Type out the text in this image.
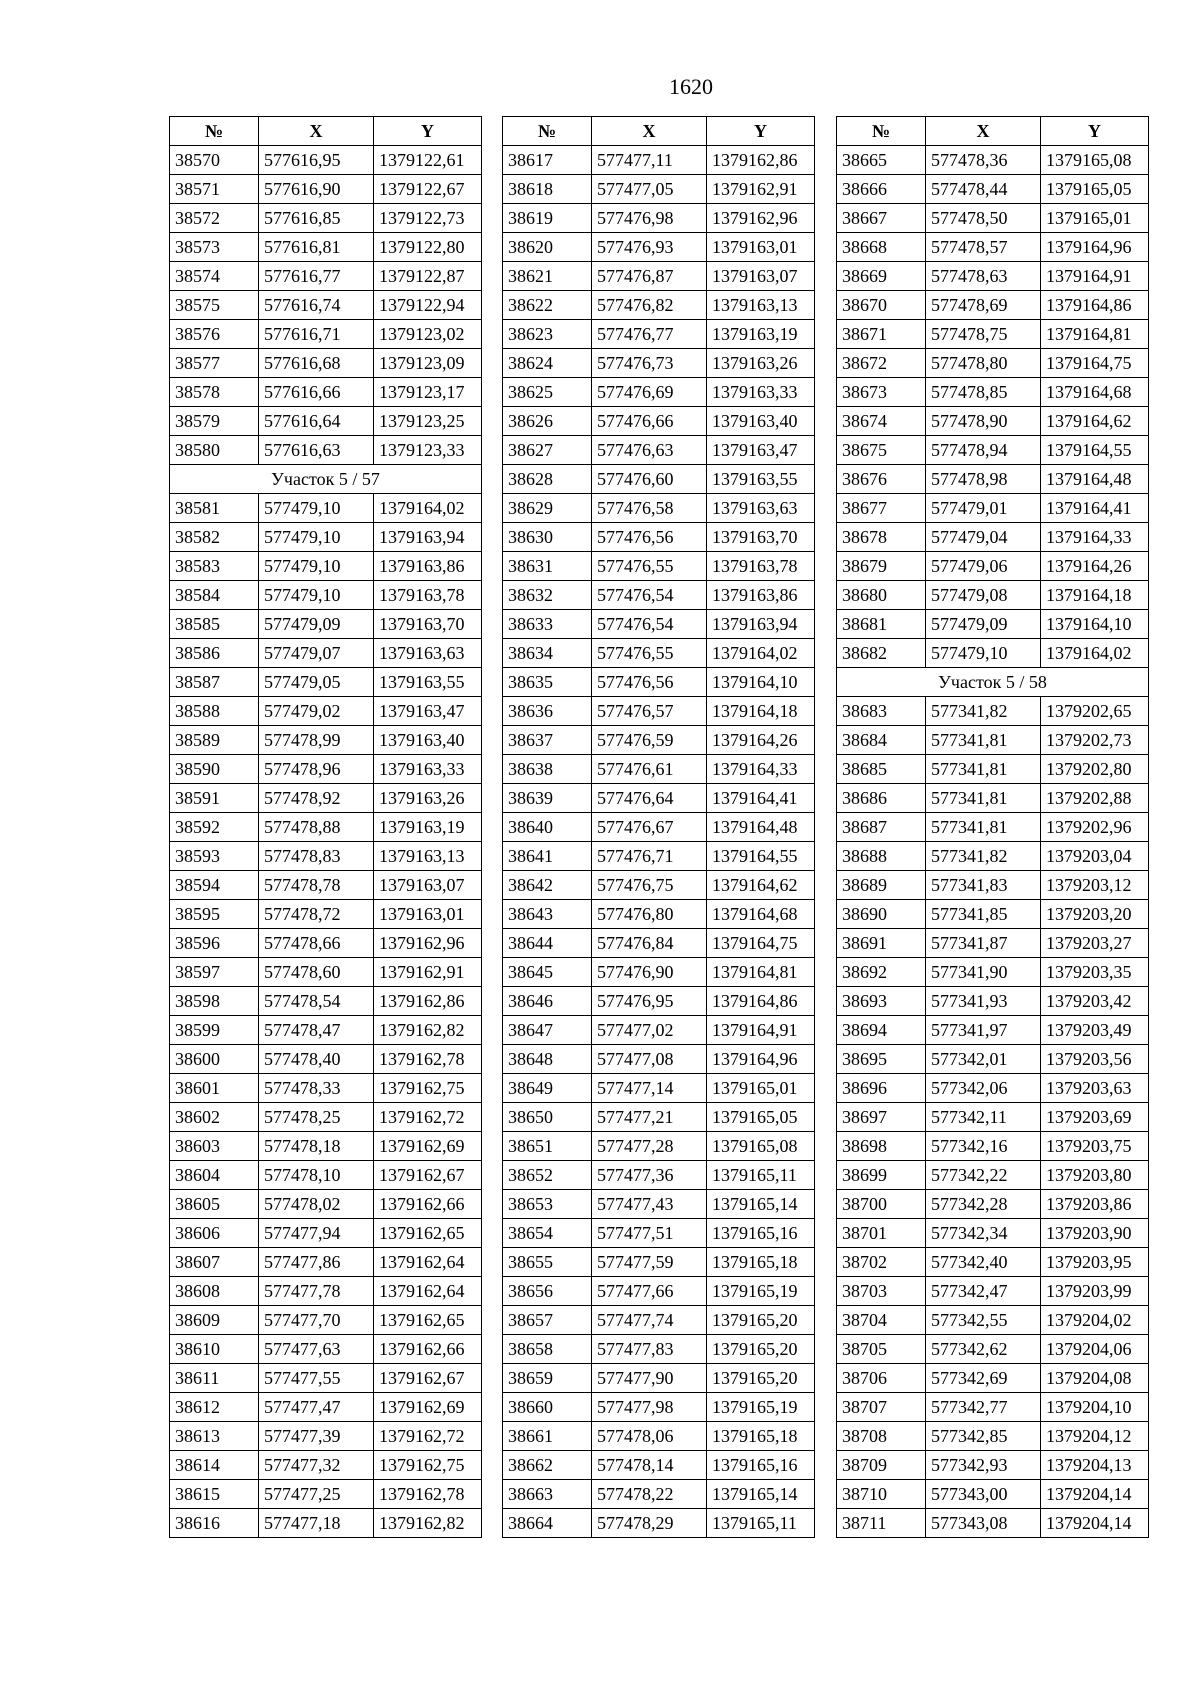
1620
№	X	Y
38570	577616,95	1379122,61
38571	577616,90	1379122,67
38572	577616,85	1379122,73
38573	577616,81	1379122,80
38574	577616,77	1379122,87
38575	577616,74	1379122,94
38576	577616,71	1379123,02
38577	577616,68	1379123,09
38578	577616,66	1379123,17
38579	577616,64	1379123,25
38580	577616,63	1379123,33
Участок 5 / 57		
38581	577479,10	1379164,02
38582	577479,10	1379163,94
38583	577479,10	1379163,86
38584	577479,10	1379163,78
38585	577479,09	1379163,70
38586	577479,07	1379163,63
38587	577479,05	1379163,55
38588	577479,02	1379163,47
38589	577478,99	1379163,40
38590	577478,96	1379163,33
38591	577478,92	1379163,26
38592	577478,88	1379163,19
38593	577478,83	1379163,13
38594	577478,78	1379163,07
38595	577478,72	1379163,01
38596	577478,66	1379162,96
38597	577478,60	1379162,91
38598	577478,54	1379162,86
38599	577478,47	1379162,82
38600	577478,40	1379162,78
38601	577478,33	1379162,75
38602	577478,25	1379162,72
38603	577478,18	1379162,69
38604	577478,10	1379162,67
38605	577478,02	1379162,66
38606	577477,94	1379162,65
38607	577477,86	1379162,64
38608	577477,78	1379162,64
38609	577477,70	1379162,65
38610	577477,63	1379162,66
38611	577477,55	1379162,67
38612	577477,47	1379162,69
38613	577477,39	1379162,72
38614	577477,32	1379162,75
38615	577477,25	1379162,78
38616	577477,18	1379162,82
№	X	Y
38617	577477,11	1379162,86
38618	577477,05	1379162,91
38619	577476,98	1379162,96
38620	577476,93	1379163,01
38621	577476,87	1379163,07
38622	577476,82	1379163,13
38623	577476,77	1379163,19
38624	577476,73	1379163,26
38625	577476,69	1379163,33
38626	577476,66	1379163,40
38627	577476,63	1379163,47
38628	577476,60	1379163,55
38629	577476,58	1379163,63
38630	577476,56	1379163,70
38631	577476,55	1379163,78
38632	577476,54	1379163,86
38633	577476,54	1379163,94
38634	577476,55	1379164,02
38635	577476,56	1379164,10
38636	577476,57	1379164,18
38637	577476,59	1379164,26
38638	577476,61	1379164,33
38639	577476,64	1379164,41
38640	577476,67	1379164,48
38641	577476,71	1379164,55
38642	577476,75	1379164,62
38643	577476,80	1379164,68
38644	577476,84	1379164,75
38645	577476,90	1379164,81
38646	577476,95	1379164,86
38647	577477,02	1379164,91
38648	577477,08	1379164,96
38649	577477,14	1379165,01
38650	577477,21	1379165,05
38651	577477,28	1379165,08
38652	577477,36	1379165,11
38653	577477,43	1379165,14
38654	577477,51	1379165,16
38655	577477,59	1379165,18
38656	577477,66	1379165,19
38657	577477,74	1379165,20
38658	577477,83	1379165,20
38659	577477,90	1379165,20
38660	577477,98	1379165,19
38661	577478,06	1379165,18
38662	577478,14	1379165,16
38663	577478,22	1379165,14
38664	577478,29	1379165,11
№	X	Y
38665	577478,36	1379165,08
38666	577478,44	1379165,05
38667	577478,50	1379165,01
38668	577478,57	1379164,96
38669	577478,63	1379164,91
38670	577478,69	1379164,86
38671	577478,75	1379164,81
38672	577478,80	1379164,75
38673	577478,85	1379164,68
38674	577478,90	1379164,62
38675	577478,94	1379164,55
38676	577478,98	1379164,48
38677	577479,01	1379164,41
38678	577479,04	1379164,33
38679	577479,06	1379164,26
38680	577479,08	1379164,18
38681	577479,09	1379164,10
38682	577479,10	1379164,02
Участок 5 / 58		
38683	577341,82	1379202,65
38684	577341,81	1379202,73
38685	577341,81	1379202,80
38686	577341,81	1379202,88
38687	577341,81	1379202,96
38688	577341,82	1379203,04
38689	577341,83	1379203,12
38690	577341,85	1379203,20
38691	577341,87	1379203,27
38692	577341,90	1379203,35
38693	577341,93	1379203,42
38694	577341,97	1379203,49
38695	577342,01	1379203,56
38696	577342,06	1379203,63
38697	577342,11	1379203,69
38698	577342,16	1379203,75
38699	577342,22	1379203,80
38700	577342,28	1379203,86
38701	577342,34	1379203,90
38702	577342,40	1379203,95
38703	577342,47	1379203,99
38704	577342,55	1379204,02
38705	577342,62	1379204,06
38706	577342,69	1379204,08
38707	577342,77	1379204,10
38708	577342,85	1379204,12
38709	577342,93	1379204,13
38710	577343,00	1379204,14
38711	577343,08	1379204,14
